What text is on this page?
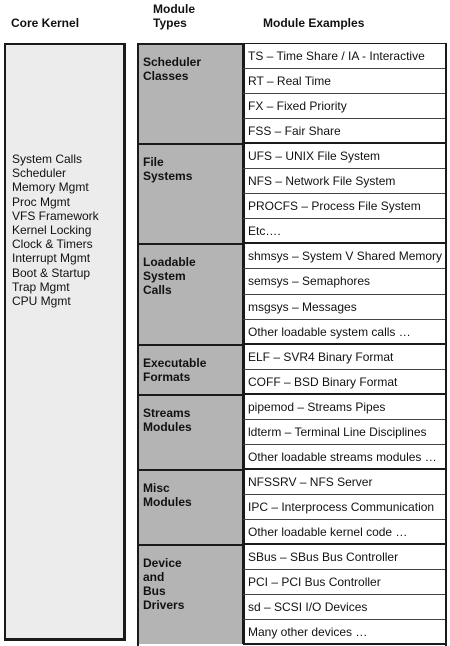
Core Kernel
Module
Types	Module Examples
System Calls
Scheduler
Memory Mgmt
Proc Mgmt
VFS Framework
Kernel Locking
Clock & Timers
Interrupt Mgmt
Boot & Startup
Trap Mgmt
CPU Mgmt
Scheduler
Classes
File
Systems
Loadable
System
Calls
Executable
Formats
Streams
Modules
Misc
Modules
Device
and
Bus
Drivers
TS – Time Share / IA - Interactive
RT – Real Time
FX – Fixed Priority
FSS – Fair Share
UFS – UNIX File System
NFS – Network File System
PROCFS – Process File System
Etc….
shmsys – System V Shared Memory
semsys – Semaphores
msgsys – Messages
Other loadable system calls …
ELF – SVR4 Binary Format
COFF – BSD Binary Format
pipemod – Streams Pipes
ldterm – Terminal Line Disciplines
Other loadable streams modules …
NFSSRV – NFS Server
IPC – Interprocess Communication
Other loadable kernel code …
SBus – SBus Bus Controller
PCI – PCI Bus Controller
sd – SCSI I/O Devices
Many other devices …
